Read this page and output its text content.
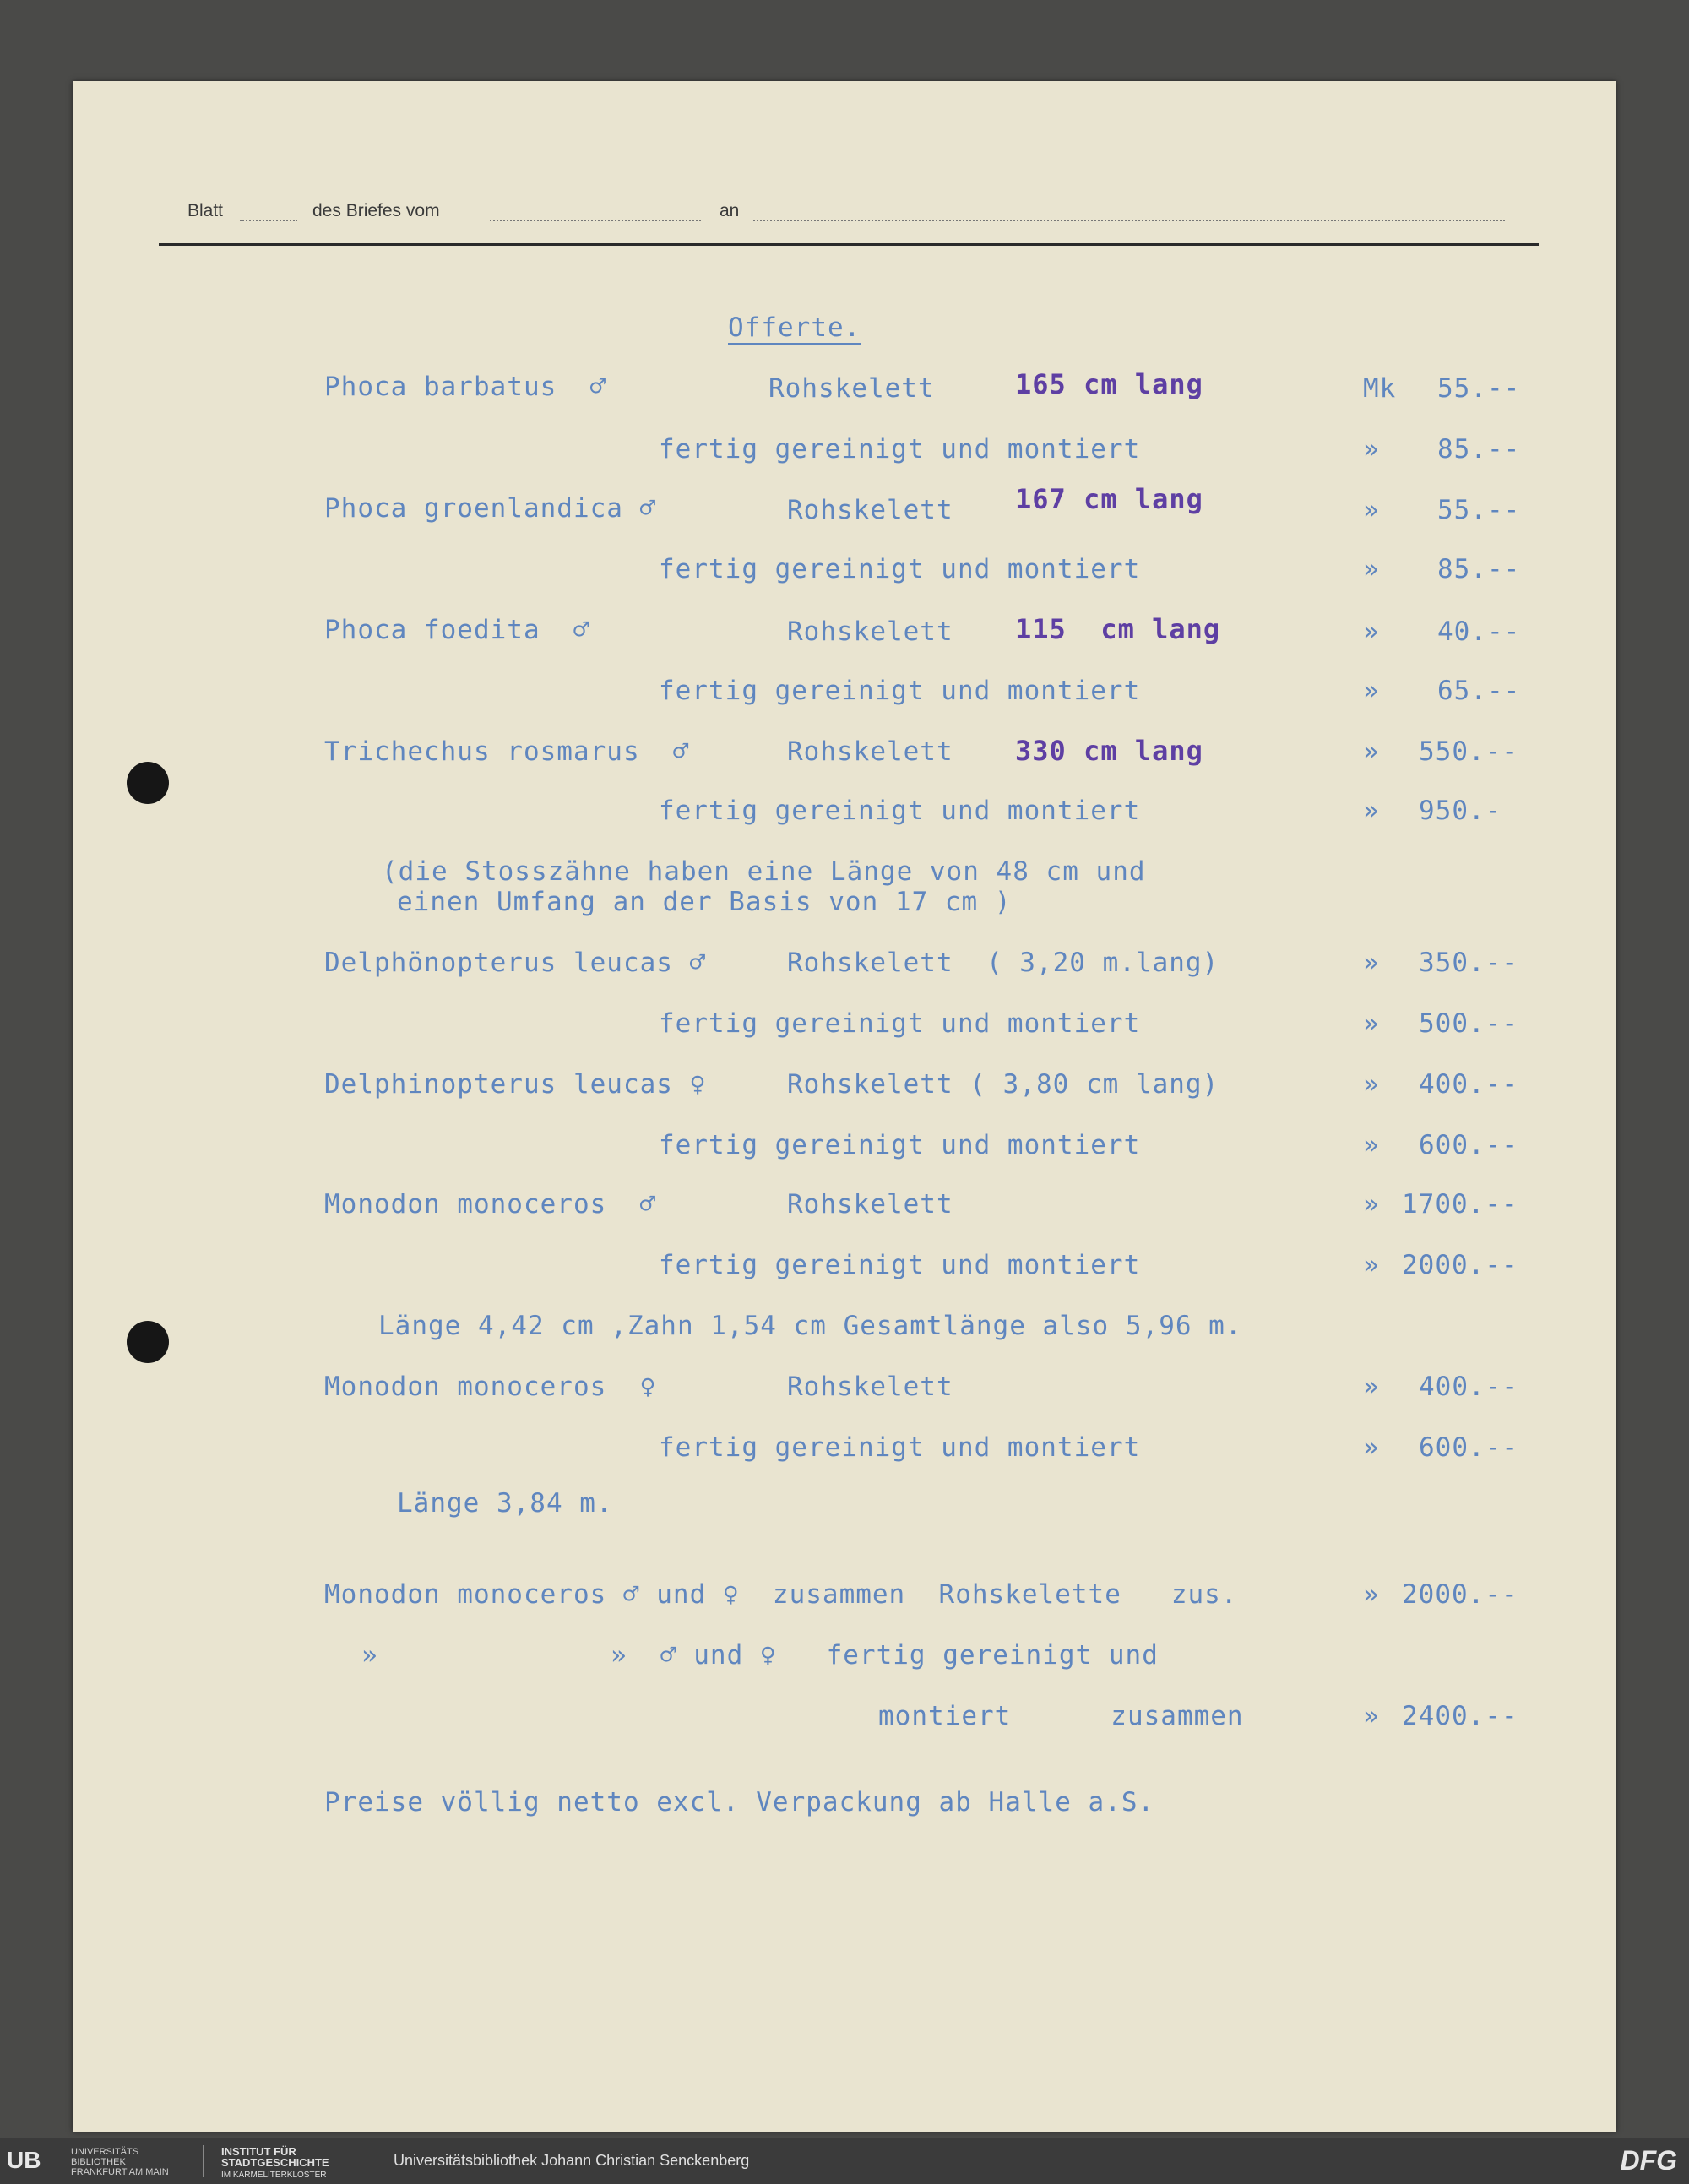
Blatt	des Briefes vom	an
Offerte.
Phoca barbatus  ♂	Rohskelett	165 cm lang	Mk 55.--
fertig gereinigt und montiert	» 85.--
Phoca groenlandica ♂	Rohskelett 167 cm lang	» 55.--
fertig gereinigt und montiert	» 85.--
Phoca foedita  ♂	Rohskelett 115  cm lang	» 40.--
fertig gereinigt und montiert	» 65.--
Trichechus rosmarus  ♂	Rohskelett 330 cm lang	» 550.--
fertig gereinigt und montiert	» 950.-
(die Stosszähne haben eine Länge von 48 cm und
einen Umfang an der Basis von 17 cm )
Delphönopterus leucas ♂	Rohskelett  ( 3,20 m.lang)	» 350.--
fertig gereinigt und montiert	» 500.--
Delphinopterus leucas ♀	Rohskelett ( 3,80 cm lang)	» 400.--
fertig gereinigt und montiert	» 600.--
Monodon monoceros  ♂	Rohskelett	» 1700.--
fertig gereinigt und montiert	» 2000.--
Länge 4,42 cm ,Zahn 1,54 cm Gesamtlänge also 5,96 m.
Monodon monoceros  ♀	Rohskelett	» 400.--
fertig gereinigt und montiert	» 600.--
Länge 3,84 m.
Monodon monoceros ♂ und ♀  zusammen  Rohskelette   zus.	» 2000.--
»              »  ♂ und ♀   fertig gereinigt und
montiert      zusammen	» 2400.--
Preise völlig netto excl. Verpackung ab Halle a.S.
UB	UNIVERSITÄTS
BIBLIOTHEK
FRANKFURT AM MAIN
INSTITUT FÜR
STADTGESCHICHTE
IM KARMELITERKLOSTER
Universitätsbibliothek Johann Christian Senckenberg	DFG
